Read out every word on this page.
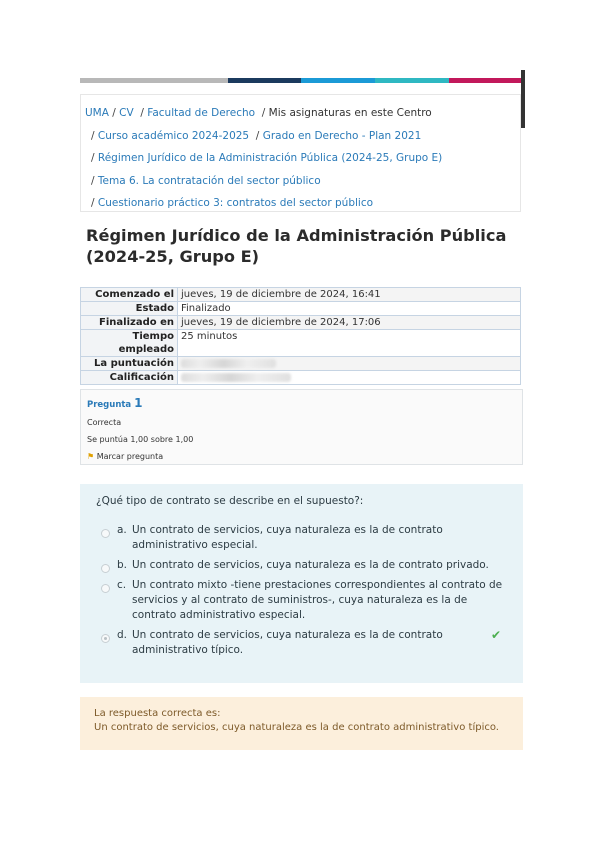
UMA / CV / Facultad de Derecho / Mis asignaturas en este Centro
/ Curso académico 2024-2025 / Grado en Derecho - Plan 2021
/ Régimen Jurídico de la Administración Pública (2024-25, Grupo E)
/ Tema 6. La contratación del sector público
/ Cuestionario práctico 3: contratos del sector público
Régimen Jurídico de la Administración Pública (2024-25, Grupo E)
Comenzado el	jueves, 19 de diciembre de 2024, 16:41
Estado	Finalizado
Finalizado en	jueves, 19 de diciembre de 2024, 17:06
Tiempo empleado	25 minutos
La puntuación	
Calificación	
Pregunta 1
Correcta
Se puntúa 1,00 sobre 1,00
⚑ Marcar pregunta
¿Qué tipo de contrato se describe en el supuesto?:
a. Un contrato de servicios, cuya naturaleza es la de contrato administrativo especial.
b. Un contrato de servicios, cuya naturaleza es la de contrato privado.
c. Un contrato mixto -tiene prestaciones correspondientes al contrato de servicios y al contrato de suministros-, cuya naturaleza es la de contrato administrativo especial.
d. Un contrato de servicios, cuya naturaleza es la de contrato administrativo típico.
✔
La respuesta correcta es:
Un contrato de servicios, cuya naturaleza es la de contrato administrativo típico.
